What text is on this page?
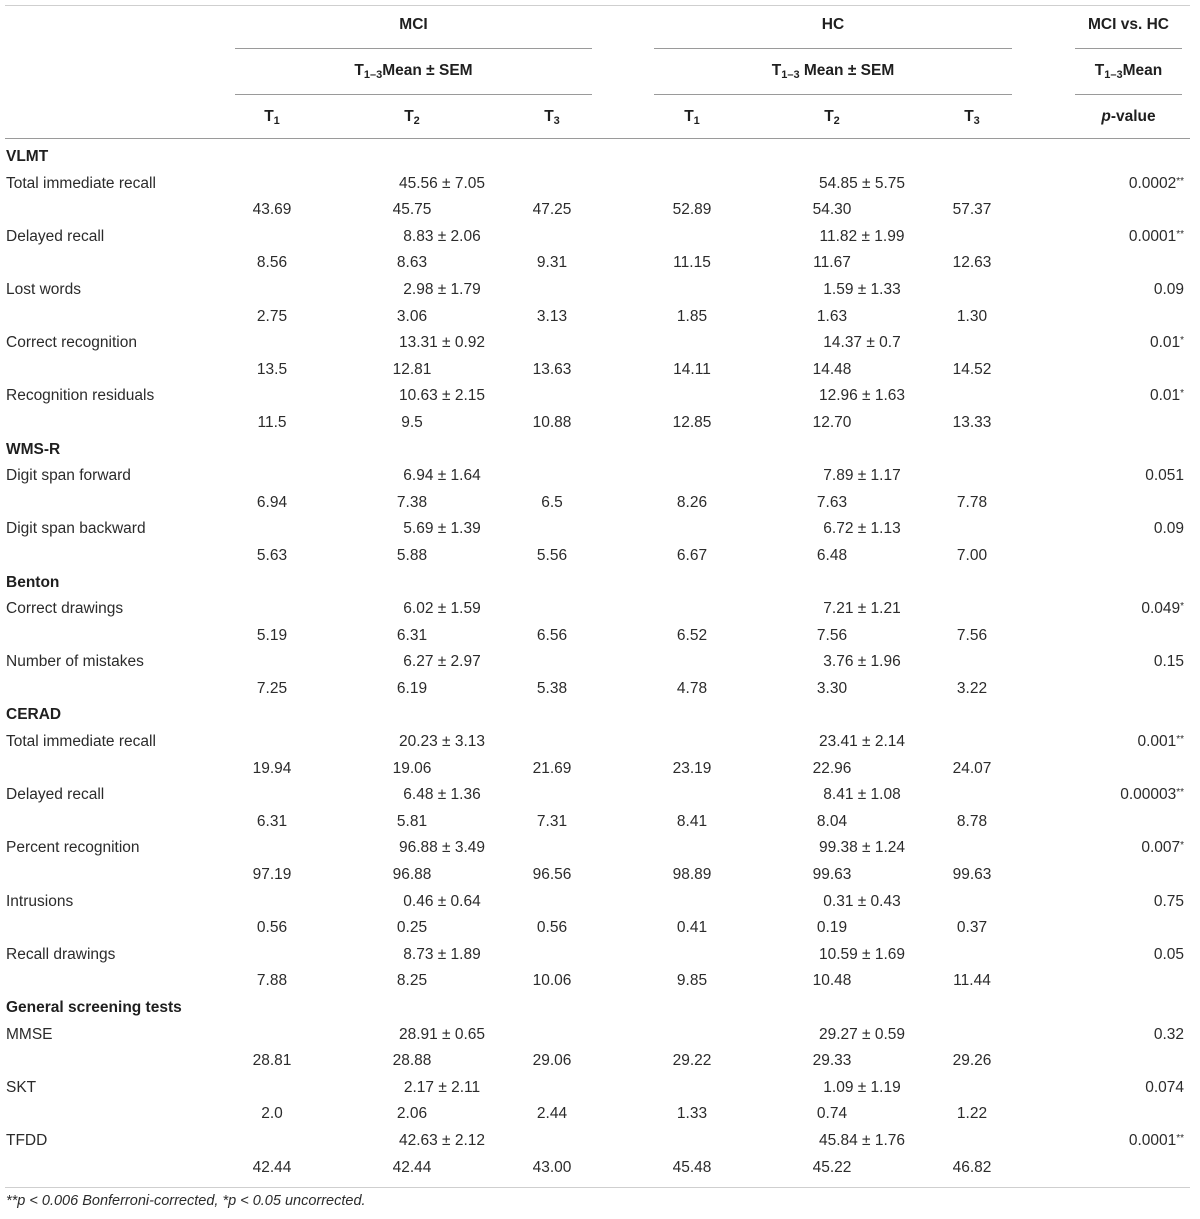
MCI	HC	MCI vs. HC
$T_{1-3}Mean$ ± SEM	$T_{1-3}$ Mean ± SEM	$T_{1-3}Mean$
$T_1$	$T_2$	$T_3$	$T_1$	$T_2$	$T_3$	p-value
VLMT												
Total immediate recall			45.56 ± 7.05						54.85 ± 5.75			0.0002**
	43.69		45.75		47.25		52.89		54.30		57.37	
Delayed recall			8.83 ± 2.06						11.82 ± 1.99			0.0001**
	8.56		8.63		9.31		11.15		11.67		12.63	
Lost words			2.98 ± 1.79						1.59 ± 1.33			0.09
	2.75		3.06		3.13		1.85		1.63		1.30	
Correct recognition			13.31 ± 0.92						14.37 ± 0.7			0.01*
	13.5		12.81		13.63		14.11		14.48		14.52	
Recognition residuals			10.63 ± 2.15						12.96 ± 1.63			0.01*
	11.5		9.5		10.88		12.85		12.70		13.33	
WMS-R												
Digit span forward			6.94 ± 1.64						7.89 ± 1.17			0.051
	6.94		7.38		6.5		8.26		7.63		7.78	
Digit span backward			5.69 ± 1.39						6.72 ± 1.13			0.09
	5.63		5.88		5.56		6.67		6.48		7.00	
Benton												
Correct drawings			6.02 ± 1.59						7.21 ± 1.21			0.049*
	5.19		6.31		6.56		6.52		7.56		7.56	
Number of mistakes			6.27 ± 2.97						3.76 ± 1.96			0.15
	7.25		6.19		5.38		4.78		3.30		3.22	
CERAD												
Total immediate recall			20.23 ± 3.13						23.41 ± 2.14			0.001**
	19.94		19.06		21.69		23.19		22.96		24.07	
Delayed recall			6.48 ± 1.36						8.41 ± 1.08			0.00003**
	6.31		5.81		7.31		8.41		8.04		8.78	
Percent recognition			96.88 ± 3.49						99.38 ± 1.24			0.007*
	97.19		96.88		96.56		98.89		99.63		99.63	
Intrusions			0.46 ± 0.64						0.31 ± 0.43			0.75
	0.56		0.25		0.56		0.41		0.19		0.37	
Recall drawings			8.73 ± 1.89						10.59 ± 1.69			0.05
	7.88		8.25		10.06		9.85		10.48		11.44	
General screening tests												
MMSE			28.91 ± 0.65						29.27 ± 0.59			0.32
	28.81		28.88		29.06		29.22		29.33		29.26	
SKT			2.17 ± 2.11						1.09 ± 1.19			0.074
	2.0		2.06		2.44		1.33		0.74		1.22	
TFDD			42.63 ± 2.12						45.84 ± 1.76			0.0001**
	42.44		42.44		43.00		45.48		45.22		46.82	
**p < 0.006 Bonferroni-corrected, *p < 0.05 uncorrected.
